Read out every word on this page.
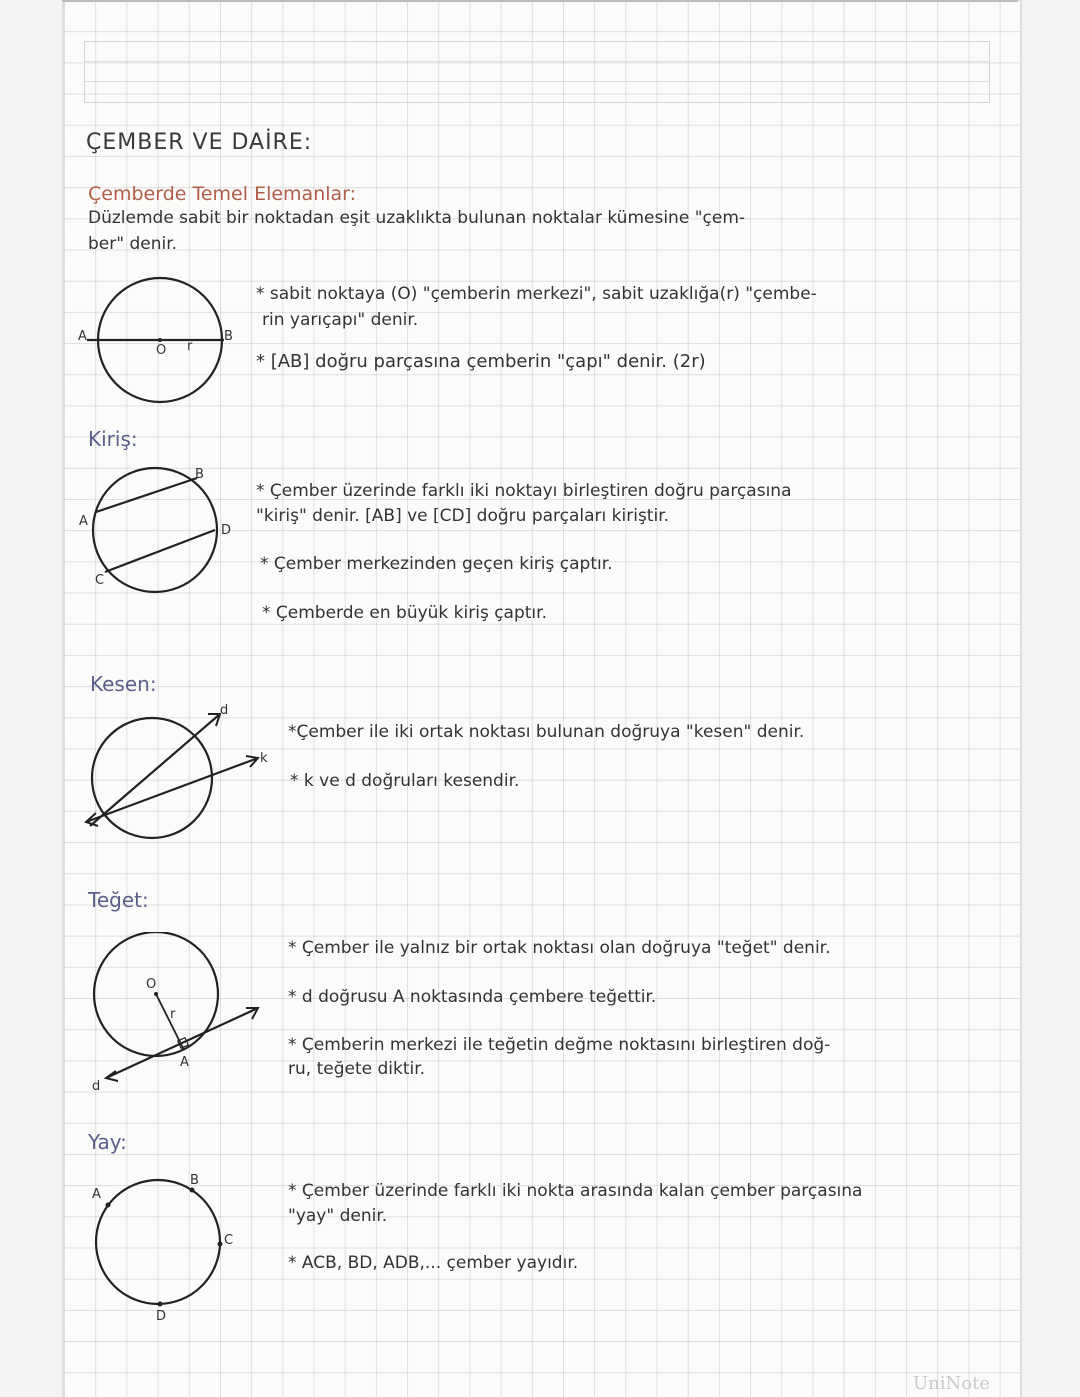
ÇEMBER VE DAİRE:
Çemberde Temel Elemanlar:
Düzlemde sabit bir noktadan eşit uzaklıkta bulunan noktalar kümesine "çem-
ber" denir.
A
O r
B
* sabit noktaya (O) "çemberin merkezi", sabit uzaklığa(r) "çembe-
rin yarıçapı" denir.
* [AB] doğru parçasına çemberin "çapı" denir. (2r)
Kiriş:
A
B
C
D
* Çember üzerinde farklı iki noktayı birleştiren doğru parçasına
"kiriş" denir. [AB] ve [CD] doğru parçaları kiriştir.
* Çember merkezinden geçen kiriş çaptır.
* Çemberde en büyük kiriş çaptır.
Kesen:
d
k
*Çember ile iki ortak noktası bulunan doğruya "kesen" denir.
* k ve d doğruları kesendir.
Teğet:
O
r
A
d
* Çember ile yalnız bir ortak noktası olan doğruya "teğet" denir.
* d doğrusu A noktasında çembere teğettir.
* Çemberin merkezi ile teğetin değme noktasını birleştiren doğ-
ru, teğete diktir.
Yay:
A
B
C
D
* Çember üzerinde farklı iki nokta arasında kalan çember parçasına
"yay" denir.
* ACB, BD, ADB,... çember yayıdır.
UniNote
